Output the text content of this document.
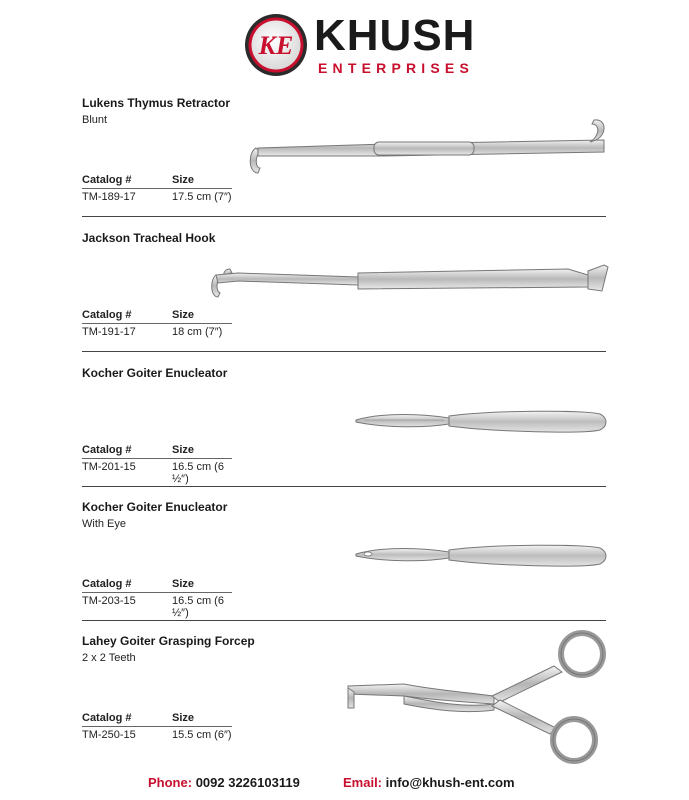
KE KHUSH
ENTERPRISES
Lukens Thymus Retractor
Blunt
Catalog #	Size
TM-189-17	17.5 cm (7″)
Jackson Tracheal Hook
Catalog #	Size
TM-191-17	18 cm (7″)
Kocher Goiter Enucleator
Catalog #	Size
TM-201-15	16.5 cm (6 ½″)
Kocher Goiter Enucleator
With Eye
Catalog #	Size
TM-203-15	16.5 cm (6 ½″)
Lahey Goiter Grasping Forcep
2 x 2 Teeth
Catalog #	Size
TM-250-15	15.5 cm (6″)
Phone: 0092 3226103119	Email: info@khush-ent.com
